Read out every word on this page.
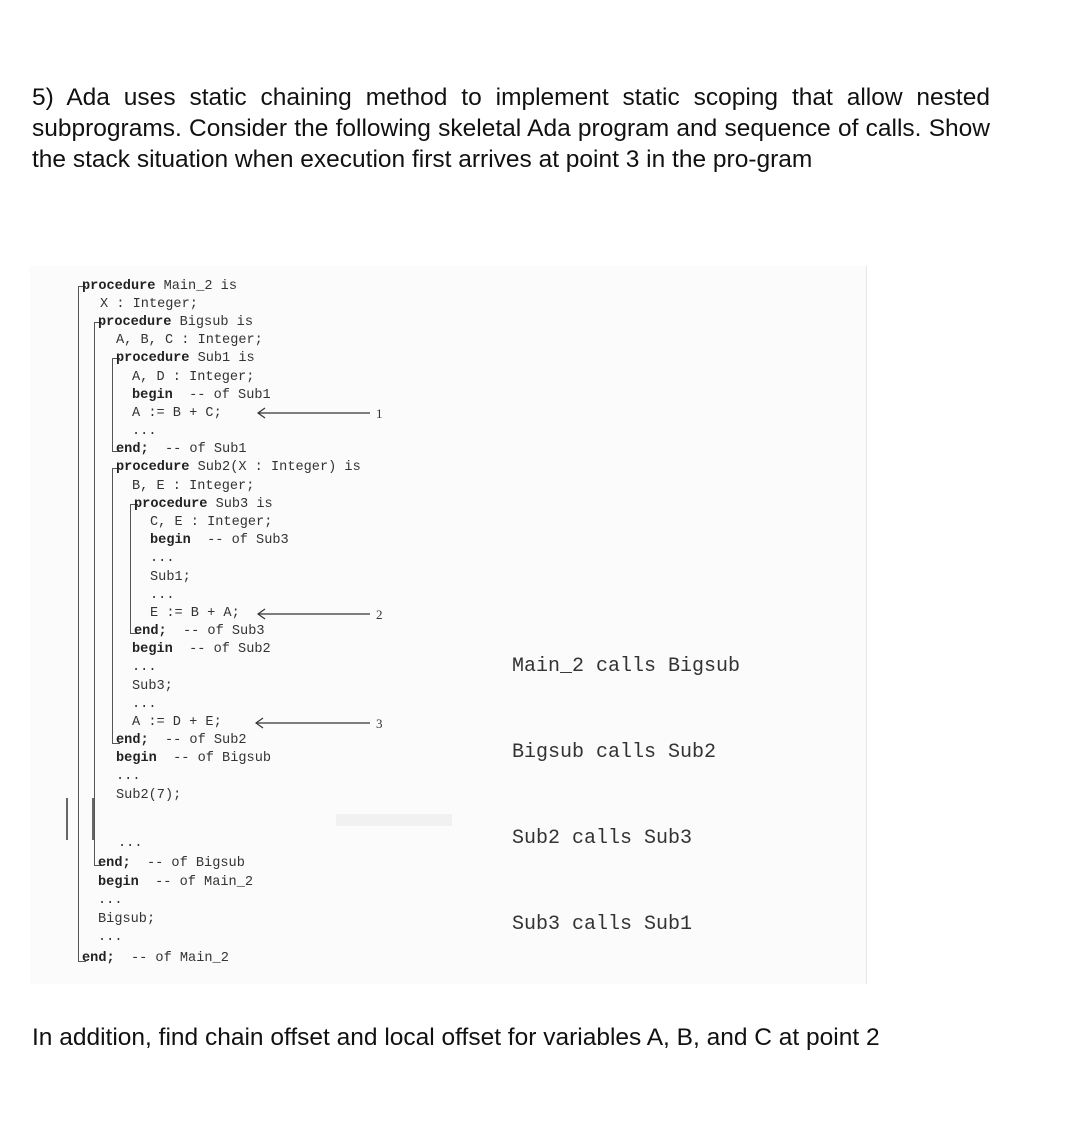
5) Ada uses static chaining method to implement static scoping that allow nested subprograms. Consider the following skeletal Ada program and sequence of calls. Show the stack situation when execution first arrives at point 3 in the pro-gram
procedure Main_2 is
X : Integer;
procedure Bigsub is
A, B, C : Integer;
procedure Sub1 is
A, D : Integer;
begin  -- of Sub1
A := B + C;
...
end;  -- of Sub1
procedure Sub2(X : Integer) is
B, E : Integer;
procedure Sub3 is
C, E : Integer;
begin  -- of Sub3
...
Sub1;
...
E := B + A;
end;  -- of Sub3
begin  -- of Sub2
...
Sub3;
...
A := D + E;
end;  -- of Sub2
begin  -- of Bigsub
...
Sub2(7);
...
end;  -- of Bigsub
begin  -- of Main_2
...
Bigsub;
...
end;  -- of Main_2
1
2
3

Main_2 calls Bigsub

Bigsub calls Sub2

Sub2 calls Sub3

Sub3 calls Sub1

In addition, find chain offset and local offset for variables A, B, and C at point 2
